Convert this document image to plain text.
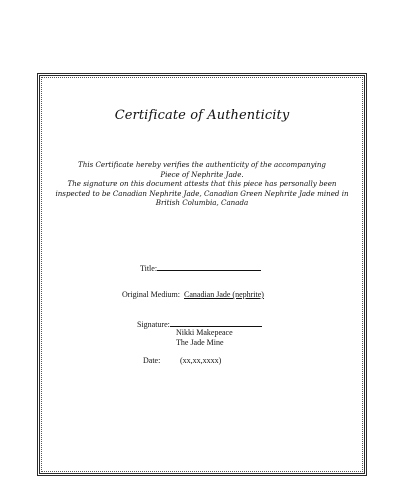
Certificate of Authenticity
This Certificate hereby verifies the authenticity of the accompanying
Piece of Nephrite Jade.
The signature on this document attests that this piece has personally been
inspected to be Canadian Nephrite Jade, Canadian Green Nephrite Jade mined in
British Columbia, Canada
Title:
Original Medium: Canadian Jade (nephrite)
Signature:
Nikki Makepeace
The Jade Mine
Date: (xx,xx,xxxx)
